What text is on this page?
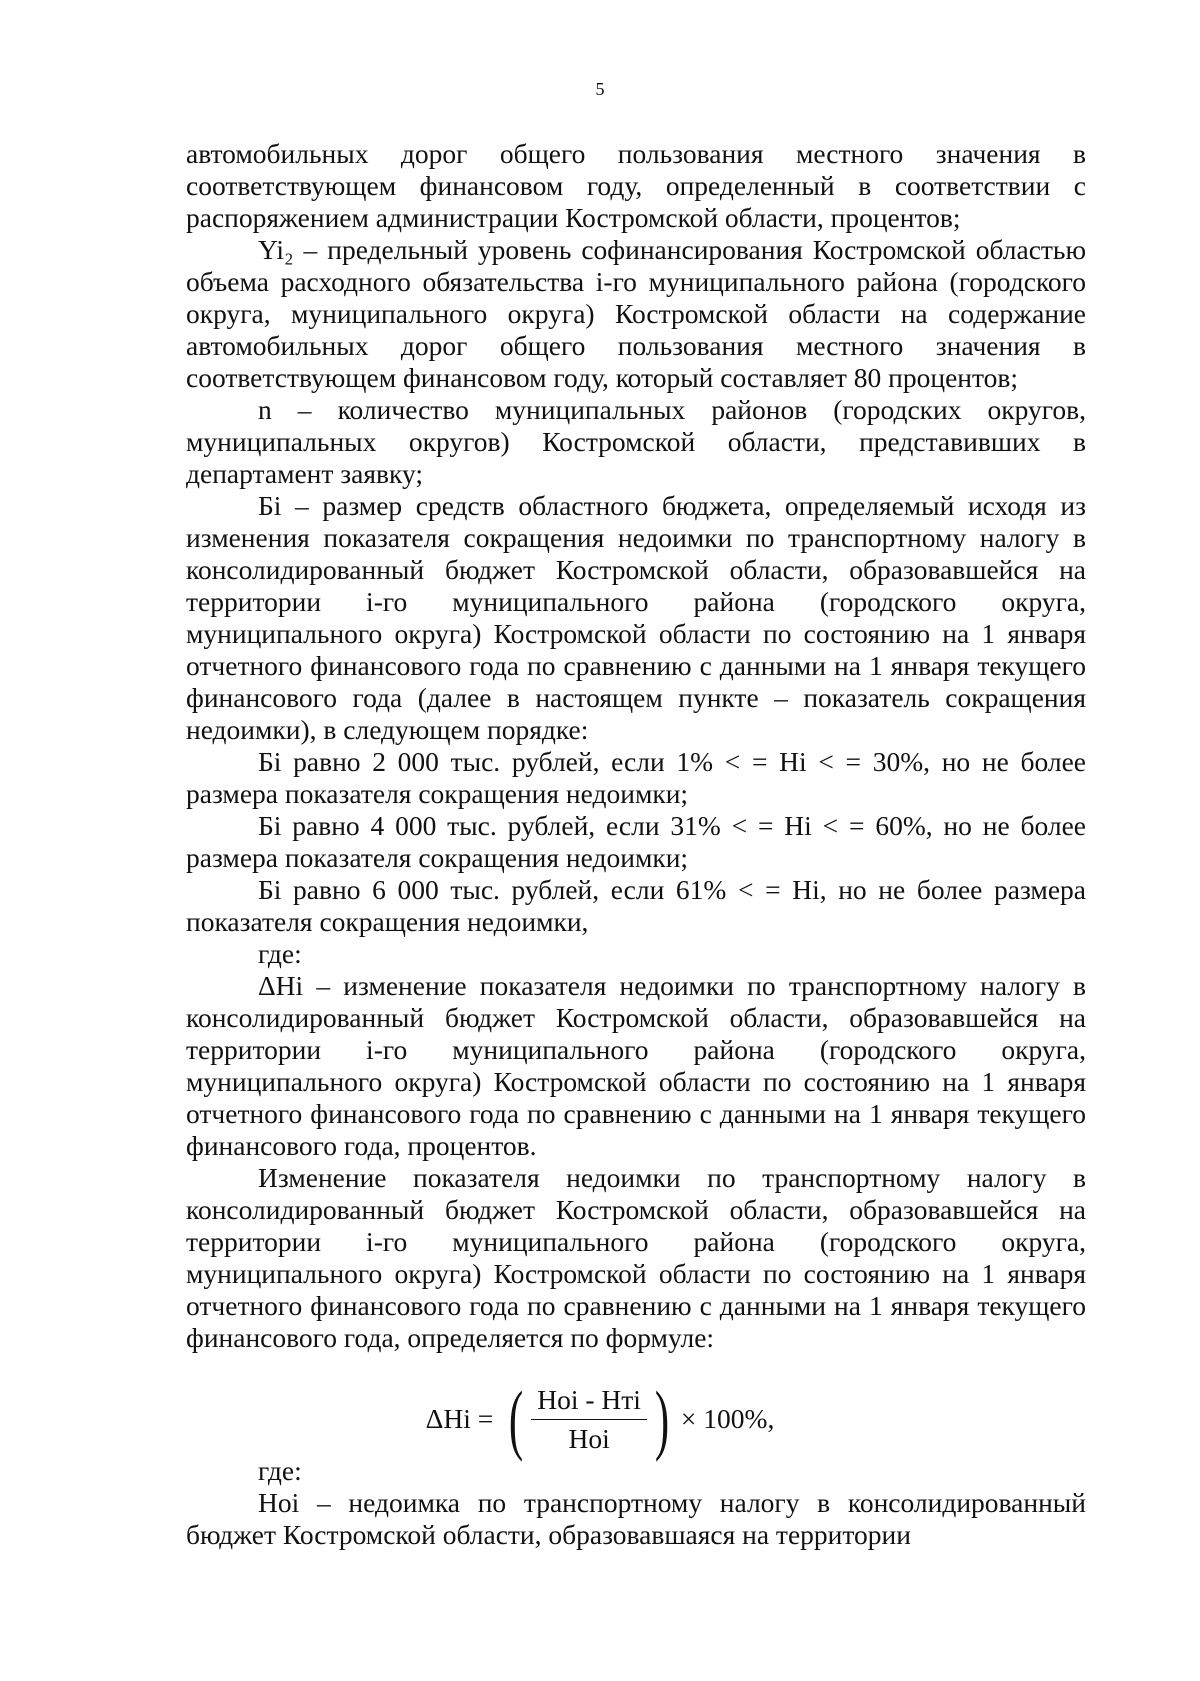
5

автомобильных дорог общего пользования местного значения в соответствующем финансовом году, определенный в соответствии с распоряжением администрации Костромской области, процентов;

Yi₂ – предельный уровень софинансирования Костромской областью объема расходного обязательства i-го муниципального района (городского округа, муниципального округа) Костромской области на содержание автомобильных дорог общего пользования местного значения в соответствующем финансовом году, который составляет 80 процентов;

n – количество муниципальных районов (городских округов, муниципальных округов) Костромской области, представивших в департамент заявку;

Бi – размер средств областного бюджета, определяемый исходя из изменения показателя сокращения недоимки по транспортному налогу в консолидированный бюджет Костромской области, образовавшейся на территории i-го муниципального района (городского округа, муниципального округа) Костромской области по состоянию на 1 января отчетного финансового года по сравнению с данными на 1 января текущего финансового года (далее в настоящем пункте – показатель сокращения недоимки), в следующем порядке:

Бi равно 2 000 тыс. рублей, если 1% < = Hi < = 30%, но не более размера показателя сокращения недоимки;

Бi равно 4 000 тыс. рублей, если 31% < = Hi < = 60%, но не более размера показателя сокращения недоимки;

Бi равно 6 000 тыс. рублей, если 61% < = Hi, но не более размера показателя сокращения недоимки,

где:

ΔHi – изменение показателя недоимки по транспортному налогу в консолидированный бюджет Костромской области, образовавшейся на территории i-го муниципального района (городского округа, муниципального округа) Костромской области по состоянию на 1 января отчетного финансового года по сравнению с данными на 1 января текущего финансового года, процентов.

Изменение показателя недоимки по транспортному налогу в консолидированный бюджет Костромской области, образовавшейся на территории i-го муниципального района (городского округа, муниципального округа) Костромской области по состоянию на 1 января отчетного финансового года по сравнению с данными на 1 января текущего финансового года, определяется по формуле:

ΔHi = ( $\frac{\text{Hoi - Hтi}}{\text{Hoi}}$ ) × 100%,

где:

Hoi – недоимка по транспортному налогу в консолидированный бюджет Костромской области, образовавшаяся на территории
